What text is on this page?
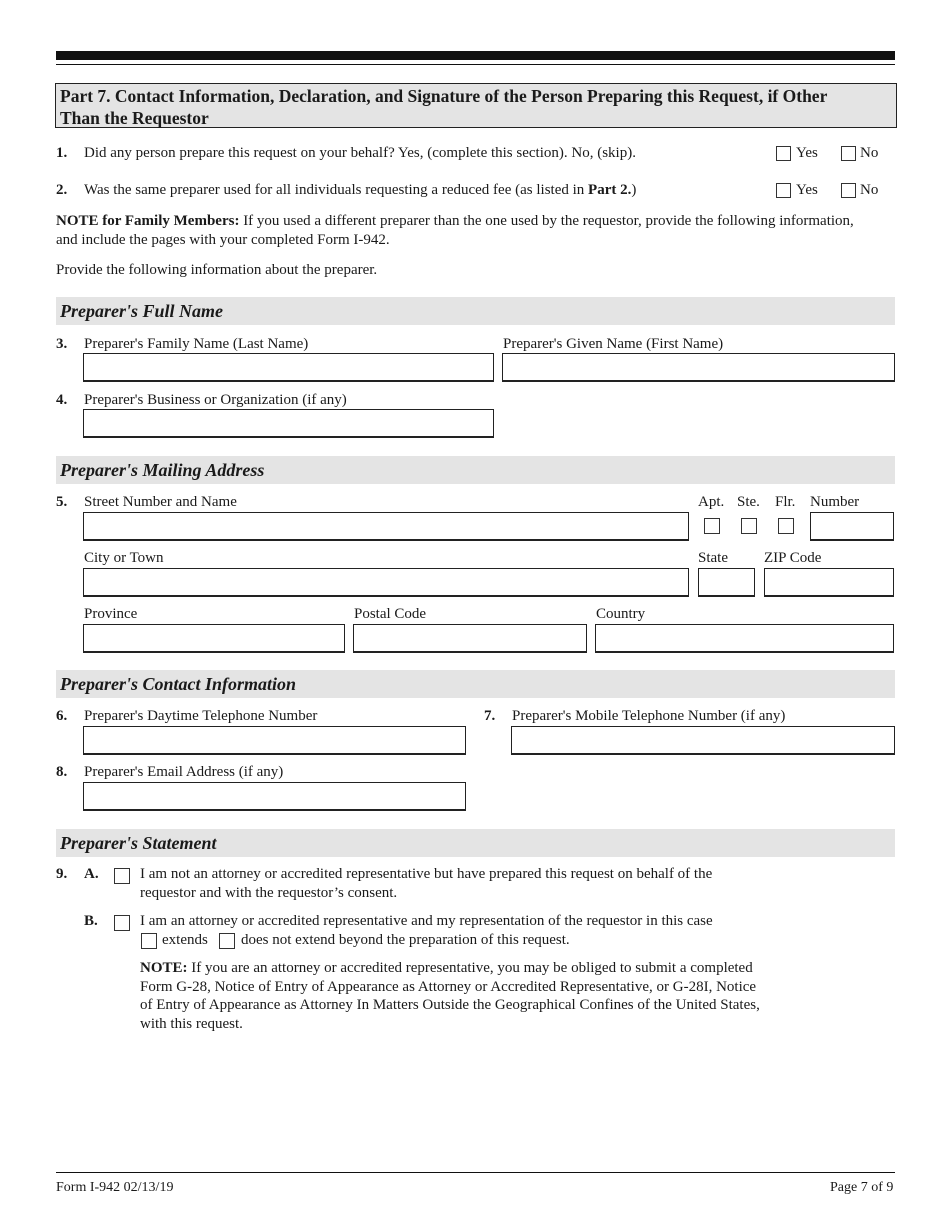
Part 7. Contact Information, Declaration, and Signature of the Person Preparing this Request, if Other
Than the Requestor
1. Did any person prepare this request on your behalf? Yes, (complete this section). No, (skip).	Yes	No
2. Was the same preparer used for all individuals requesting a reduced fee (as listed in Part 2.)	Yes	No
NOTE for Family Members: If you used a different preparer than the one used by the requestor, provide the following information,
and include the pages with your completed Form I-942.
Provide the following information about the preparer.
Preparer's Full Name
3. Preparer's Family Name (Last Name)	Preparer's Given Name (First Name)
4. Preparer's Business or Organization (if any)
Preparer's Mailing Address
5. Street Number and Name	Apt. Ste. Flr. Number
City or Town	State ZIP Code
Province	Postal Code	Country
Preparer's Contact Information
6. Preparer's Daytime Telephone Number	7. Preparer's Mobile Telephone Number (if any)
8. Preparer's Email Address (if any)
Preparer's Statement
9. A.	I am not an attorney or accredited representative but have prepared this request on behalf of the
requestor and with the requestor’s consent.
B.	I am an attorney or accredited representative and my representation of the requestor in this case
extends does not extend beyond the preparation of this request.
NOTE: If you are an attorney or accredited representative, you may be obliged to submit a completed
Form G-28, Notice of Entry of Appearance as Attorney or Accredited Representative, or G-28I, Notice
of Entry of Appearance as Attorney In Matters Outside the Geographical Confines of the United States,
with this request.
Form I-942 02/13/19	Page 7 of 9
